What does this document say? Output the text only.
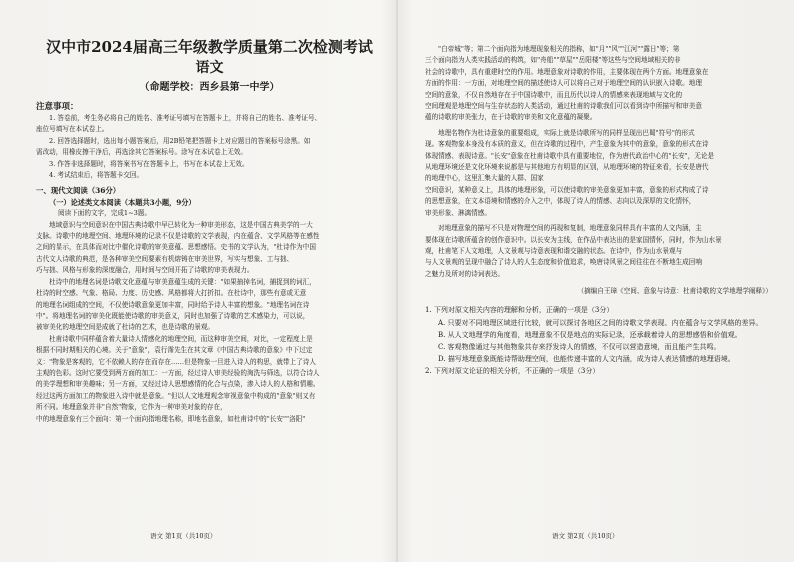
汉中市2024届高三年级教学质量第二次检测考试
语文
（命题学校：西乡县第一中学）
注意事项：
1. 答卷前，考生务必将自己的姓名、准考证号填写在答题卡上，并将自己的姓名、准考证号、
座位号填写在本试卷上。
2. 回答选择题时，选出每小题答案后，用2B铅笔把答题卡上对应题目的答案标号涂黑。如
需改动，用橡皮擦干净后，再选涂其它答案标号。涂写在本试卷上无效。
3. 作答非选择题时，将答案书写在答题卡上，书写在本试卷上无效。
4. 考试结束后，将答题卡交回。
一、现代文阅读（36分）
（一）论述类文本阅读（本题共3小题，9分）
阅读下面的文字，完成1~3题。
地域意识与空间意识在中国古典诗歌中早已转化为一种审美形态，这是中国古典美学的一大
支脉。诗歌中的地理空间、地理环境的记录不仅是诗歌的文学表现，内在蕴含、文学风格等在感性
之间的显示，在具体而对比中催化诗歌的审美意蕴、思想感悟。史书的文学认为，"杜诗作为中国
古代文人诗歌的典范，是各种审美空间要素有机熔铸在审美世界，写实与想象、工与拙、
巧与拙、风格与形象的深度融合，用时间与空间开拓了诗歌的审美表现力。
杜诗中的地理名词是诗歌文化意蕴与审美意蕴生成的关键："如果抽掉名词，捕捉到的词汇，
杜诗的时空感、气象、格局、力度、历史感、风格都将大打折扣。在杜诗中，那些有意或无意
的地理名词组成的空间，不仅使诗歌意象更加丰富，同时给予诗人丰富的想象。"地理名词在诗
中"。将地理名词的审美化既能使诗歌的审美意义，同时也加强了诗歌的艺术感染力，可以说，
被审美化的地理空间是成就了杜诗的艺术，也是诗歌的景观。
杜甫诗歌中同样蕴含着大量诗人情感化的地理空间，而这种审美空间，对比，一定程度上是
根据不同时期相关的心境。关于"意象"，袁行霈先生在其文章《中国古典诗歌的意象》中下过定
义："物象是客观的，它不依赖人的存在而存在……但是物象一旦进入诗人的构思，就带上了诗人
主观的色彩。这时它要受到两方面的加工：一方面，经过诗人审美经验的淘洗与筛选，以符合诗人
的美学理想和审美趣味；另一方面，又经过诗人思想感情的化合与点染，渗入诗人的人格和情趣。
经过这两方面加工的物象进入诗中就是意象。"但以人文地理观念审视意象中构成的"意象"则又有
所不同。地理意象并非"自然"物象，它作为一种审美对象的存在，
中的地理意象有三个面向：第一个面向指地理名称，即地名意象，如杜甫诗中的"长安""洛阳"
语文 第1页（共10页）
"白帝城"等；第二个面向指为地理现象相关的指称，如"月""风""江河""露日"等；第
三个面向指为人类实践活动的构筑，如"舟船""草屋""岳阳楼"等这些与空间地域相关的非
社会的诗歌中，具有重建时空的作用。地理意象对诗歌的作用，主要体现在两个方面。地理意象在
方面的作用：一方面，对地理空间的描述使诗人可以将自己对于地理空间的认识嵌入诗歌。地理
空间的意象，不仅自然地存在于中国诗歌中，而且历代以诗人的情感来表现地域与文化的
空间理观是地理空间与生存状态的人类活动，通过杜甫的诗歌我们可以看到诗中所描写和审美意
蕴的诗歌的审美张力，在于诗歌的审美和文化意蕴的凝聚。
地理名物作为杜诗意象的重要组成，实际上就是诗歌所写的同样呈现出巴蜀"符号"的形式
现。客观物象本身没有本质的意义，但在诗歌的过程中，产生意象为其中的意象，意象的形式在诗
体现情感、表现诗意。"长安"意象在杜甫诗歌中具有重要地位，作为唐代政治中心的"长安"，无论是
从地理环境还是文化环境来说都是与其他地方有明显的区别，从地理环境的特征来看，长安是唐代
的地理中心，这里汇集大量的人群、国家
空间意识，某种意义上，具体的地理形象，可以使诗歌的审美意象更加丰富，意象的形式构成了诗
的思想意象，在文本语境和情感的介入之中，体现了诗人的情感、志向以及深厚的文化情怀，
审美形象、淋漓情感。
对地理意象的描写不只是对物理空间的再现和复制，地理意象同样具有丰富的人文内涵，主
要体现在诗歌所蕴含的创作意识中。以长安为主线，在作品中表达出的是家国情怀，同时，作为山水景
观，杜甫笔下人文地理，人文景观与诗意表现和谐交融的状态。在诗中，作为山水景观与
与人文景观的呈现中融合了诗人的人生态度和价值追求，唤唐诗风景之间往往在不断地生成回响
之魅力及所对的诗词表达。
（摘编自王璋《空间、意象与诗意：杜甫诗歌的文学地理学阐释》）
1. 下列对原文相关内容的理解和分析，正确的一项是（3分）
A. 只要对不同地理区域进行比较，就可以探讨各地区之间的诗歌文学表现、内在蕴含与文学风格的差异。
B. 从人文地理学的角度看，地理意象不仅是地点的实际记录，还承载着诗人的思想感悟和价值观。
C. 客观物像通过与其他物象共存来抒发诗人的情感，不仅可以营造意境，而且能产生共鸣。
D. 描写地理意象既能诗帮助理空间，也能传递丰富的人文内涵，成为诗人表达情感的地理语境。
2. 下列对原文论证的相关分析，不正确的一项是（3分）
语文 第2页（共10页）
